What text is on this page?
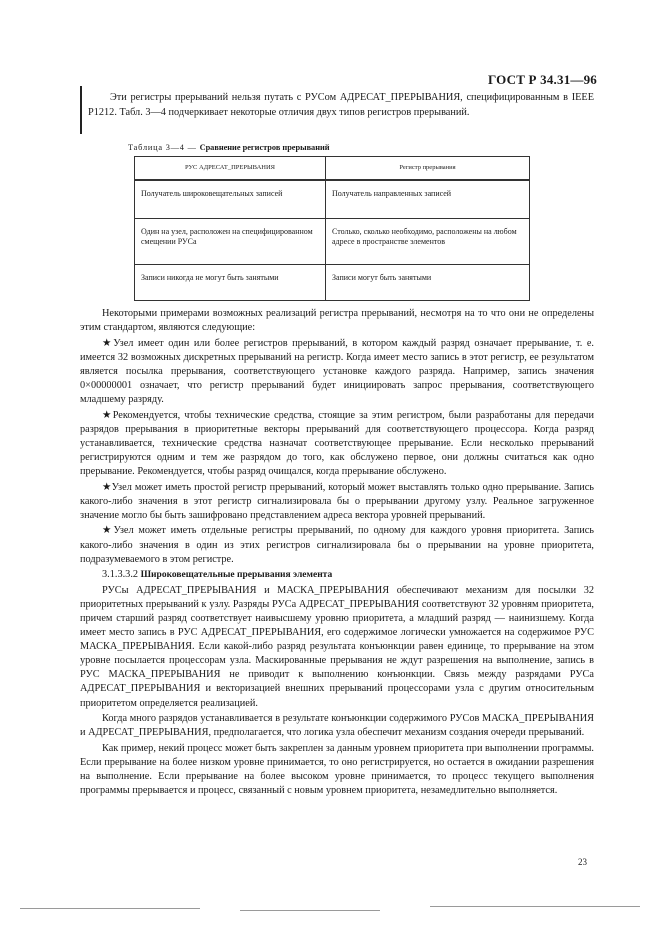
ГОСТ Р 34.31—96

Эти регистры прерываний нельзя путать с РУСом АДРЕСАТ_ПРЕРЫВАНИЯ, специфицированным в IEEE P1212. Табл. 3—4 подчеркивает некоторые отличия двух типов регистров прерываний.

Таблица 3—4 — Сравнение регистров прерываний
РУС АДРЕСАТ_ПРЕРЫВАНИЯ	Регистр прерывания
Получатель широковещательных записей	Получатель направленных записей
Один на узел, расположен на специфицированном смещении РУСа	Столько, сколько необходимо, расположены на любом адресе в пространстве элементов
Записи никогда не могут быть занятыми	Записи могут быть занятыми

Некоторыми примерами возможных реализаций регистра прерываний, несмотря на то что они не определены этим стандартом, являются следующие:

★Узел имеет один или более регистров прерываний, в котором каждый разряд означает прерывание, т. е. имеется 32 возможных дискретных прерываний на регистр. Когда имеет место запись в этот регистр, ее результатом является посылка прерывания, соответствующего установке каждого разряда. Например, запись значения 0×00000001 означает, что регистр прерываний будет инициировать запрос прерывания, соответствующего младшему разряду.

★Рекомендуется, чтобы технические средства, стоящие за этим регистром, были разработаны для передачи разрядов прерывания в приоритетные векторы прерываний для соответствующего процессора. Когда разряд устанавливается, технические средства назначат соответствующее прерывание. Если несколько прерываний регистрируются одним и тем же разрядом до того, как обслужено первое, они должны считаться как одно прерывание. Рекомендуется, чтобы разряд очищался, когда прерывание обслужено.

★Узел может иметь простой регистр прерываний, который может выставлять только одно прерывание. Запись какого-либо значения в этот регистр сигнализировала бы о прерывании другому узлу. Реальное загруженное значение могло бы быть зашифровано представлением адреса вектора уровней прерываний.

★Узел может иметь отдельные регистры прерываний, по одному для каждого уровня приоритета. Запись какого-либо значения в один из этих регистров сигнализировала бы о прерывании на уровне приоритета, подразумеваемого в этом регистре.

3.1.3.3.2 Широковещательные прерывания элемента

РУСы АДРЕСАТ_ПРЕРЫВАНИЯ и МАСКА_ПРЕРЫВАНИЯ обеспечивают механизм для посылки 32 приоритетных прерываний к узлу. Разряды РУСа АДРЕСАТ_ПРЕРЫВАНИЯ соответствуют 32 уровням приоритета, причем старший разряд соответствует наивысшему уровню приоритета, а младший разряд — наинизшему. Когда имеет место запись в РУС АДРЕСАТ_ПРЕРЫВАНИЯ, его содержимое логически умножается на содержимое РУС МАСКА_ПРЕРЫВАНИЯ. Если какой-либо разряд результата конъюнкции равен единице, то прерывание на этом уровне посылается процессорам узла. Маскированные прерывания не ждут разрешения на выполнение, запись в РУС МАСКА_ПРЕРЫВАНИЯ не приводит к выполнению конъюнкции. Связь между разрядами РУСа АДРЕСАТ_ПРЕРЫВАНИЯ и векторизацией внешних прерываний процессорами узла с другим относительным приоритетом определяется реализацией.

Когда много разрядов устанавливается в результате конъюнкции содержимого РУСов МАСКА_ПРЕРЫВАНИЯ и АДРЕСАТ_ПРЕРЫВАНИЯ, предполагается, что логика узла обеспечит механизм создания очереди прерываний.

Как пример, некий процесс может быть закреплен за данным уровнем приоритета при выполнении программы. Если прерывание на более низком уровне принимается, то оно регистрируется, но остается в ожидании разрешения на выполнение. Если прерывание на более высоком уровне принимается, то процесс текущего выполнения программы прерывается и процесс, связанный с новым уровнем приоритета, незамедлительно выполняется.

23
